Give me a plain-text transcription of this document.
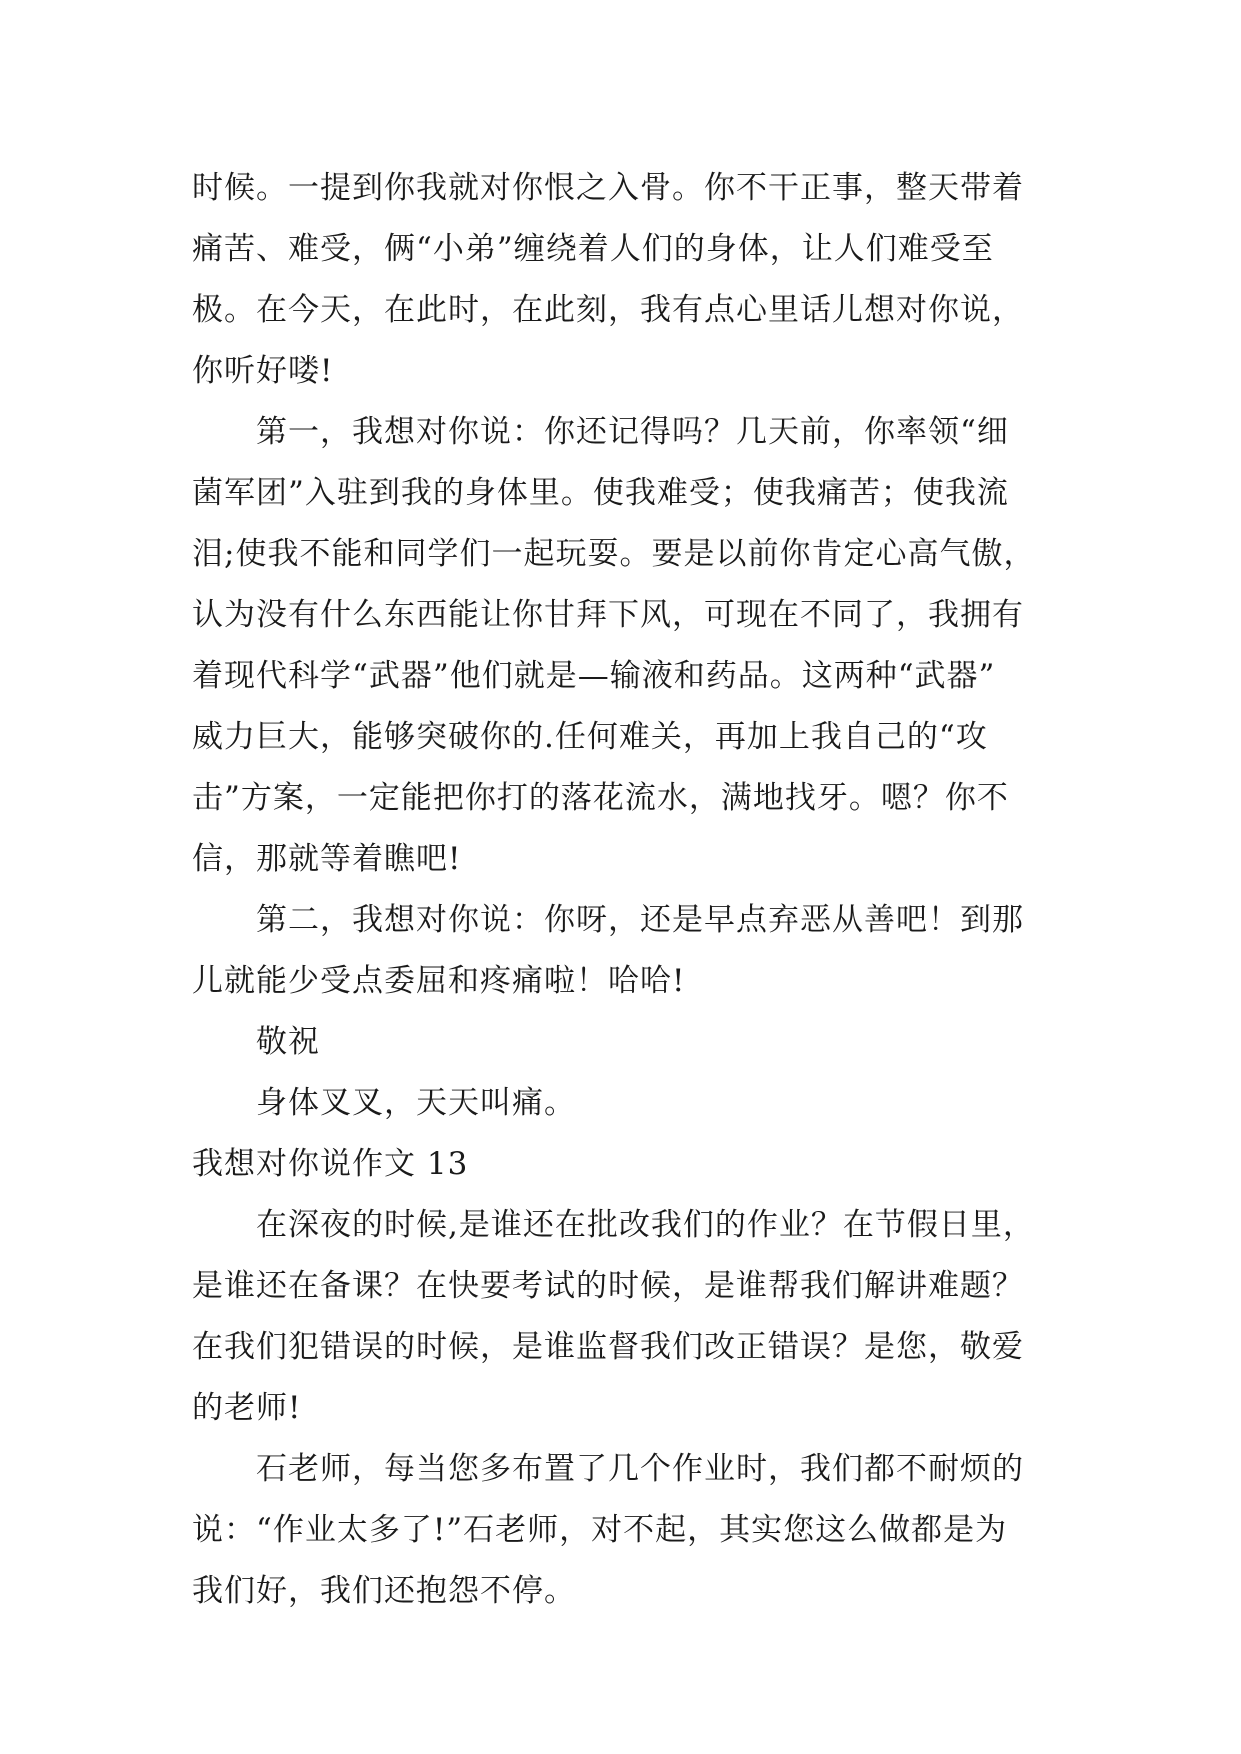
时候。一提到你我就对你恨之入骨。你不干正事，整天带着
痛苦、难受，俩“小弟”缠绕着人们的身体，让人们难受至
极。在今天，在此时，在此刻，我有点心里话儿想对你说，
你听好喽!
第一，我想对你说：你还记得吗？几天前，你率领“细
菌军团”入驻到我的身体里。使我难受；使我痛苦；使我流
泪;使我不能和同学们一起玩耍。要是以前你肯定心高气傲，
认为没有什么东西能让你甘拜下风，可现在不同了，我拥有
着现代科学“武器”他们就是—输液和药品。这两种“武器”
威力巨大，能够突破你的.任何难关，再加上我自己的“攻
击”方案，一定能把你打的落花流水，满地找牙。嗯？你不
信，那就等着瞧吧!
第二，我想对你说：你呀，还是早点弃恶从善吧！到那
儿就能少受点委屈和疼痛啦！哈哈!
敬祝
身体叉叉，天天叫痛。
我想对你说作文 13
在深夜的时候,是谁还在批改我们的作业？在节假日里，
是谁还在备课？在快要考试的时候，是谁帮我们解讲难题？
在我们犯错误的时候，是谁监督我们改正错误？是您，敬爱
的老师!
石老师，每当您多布置了几个作业时，我们都不耐烦的
说：“作业太多了!”石老师，对不起，其实您这么做都是为
我们好，我们还抱怨不停。
